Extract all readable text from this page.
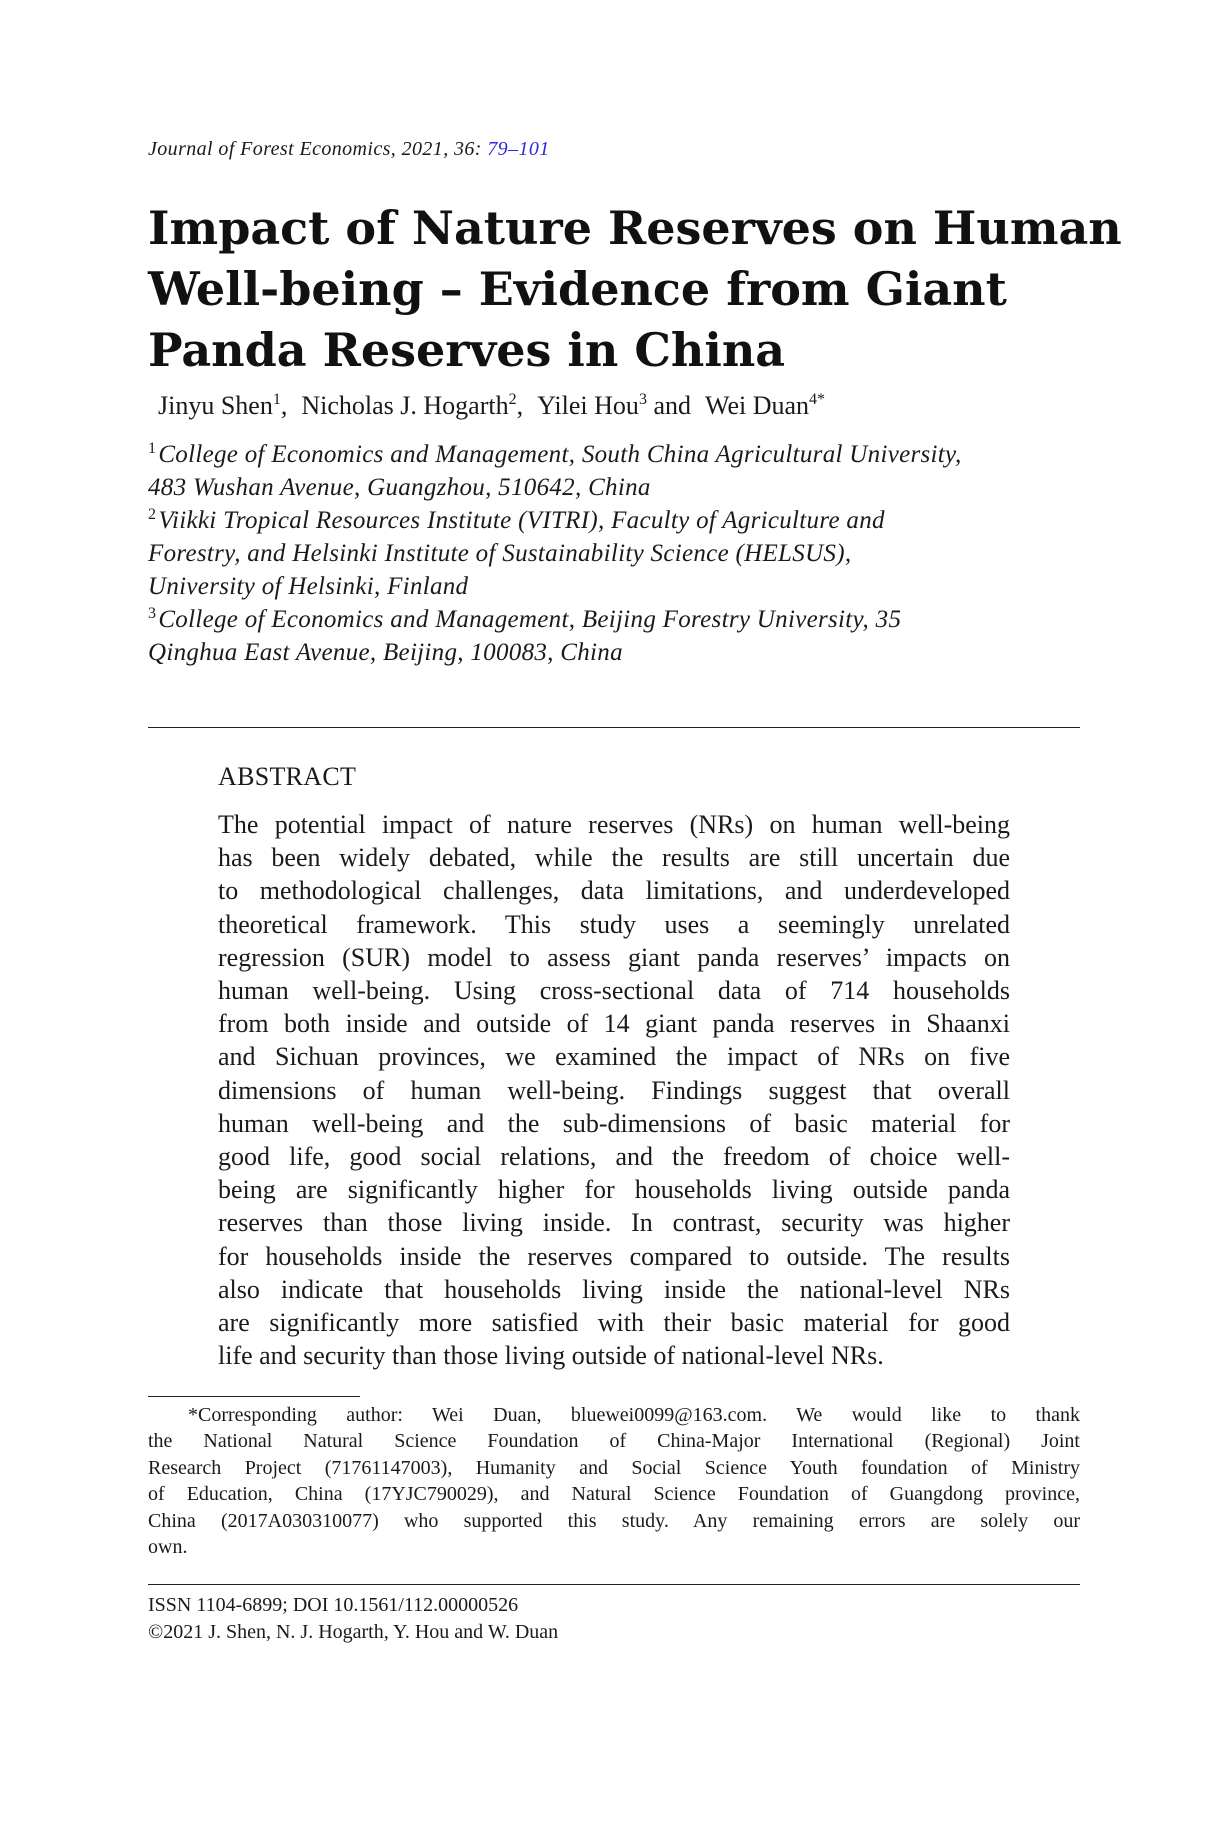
Journal of Forest Economics, 2021, 36: 79–101
Impact of Nature Reserves on Human
Well-being – Evidence from Giant
Panda Reserves in China
Jinyu Shen$^1$, Nicholas J. Hogarth$^2$, Yilei Hou$^3$ and Wei Duan$^{4*}$
$^1$College of Economics and Management, South China Agricultural University,
483 Wushan Avenue, Guangzhou, 510642, China
$^2$Viikki Tropical Resources Institute (VITRI), Faculty of Agriculture and
Forestry, and Helsinki Institute of Sustainability Science (HELSUS),
University of Helsinki, Finland
$^3$College of Economics and Management, Beijing Forestry University, 35
Qinghua East Avenue, Beijing, 100083, China
ABSTRACT
The potential impact of nature reserves (NRs) on human well-being
has been widely debated, while the results are still uncertain due
to methodological challenges, data limitations, and underdeveloped
theoretical framework. This study uses a seemingly unrelated
regression (SUR) model to assess giant panda reserves’ impacts on
human well-being. Using cross-sectional data of 714 households
from both inside and outside of 14 giant panda reserves in Shaanxi
and Sichuan provinces, we examined the impact of NRs on five
dimensions of human well-being. Findings suggest that overall
human well-being and the sub-dimensions of basic material for
good life, good social relations, and the freedom of choice well-
being are significantly higher for households living outside panda
reserves than those living inside. In contrast, security was higher
for households inside the reserves compared to outside. The results
also indicate that households living inside the national-level NRs
are significantly more satisfied with their basic material for good
life and security than those living outside of national-level NRs.
*Corresponding author: Wei Duan, bluewei0099@163.com. We would like to thank
the National Natural Science Foundation of China-Major International (Regional) Joint
Research Project (71761147003), Humanity and Social Science Youth foundation of Ministry
of Education, China (17YJC790029), and Natural Science Foundation of Guangdong province,
China (2017A030310077) who supported this study. Any remaining errors are solely our
own.
ISSN 1104-6899; DOI 10.1561/112.00000526
©2021 J. Shen, N. J. Hogarth, Y. Hou and W. Duan
